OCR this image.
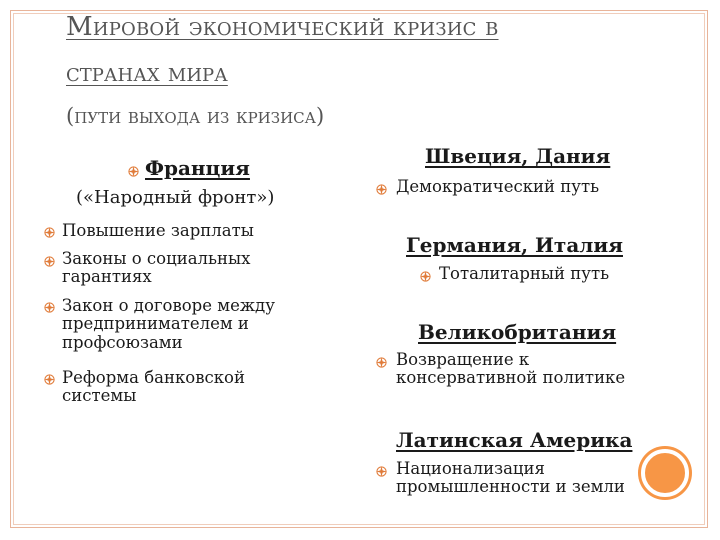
Мировой экономический кризис в
странах мира
(пути выхода из кризиса)
Франция
(«Народный фронт»)
Повышение зарплаты
Законы о социальных
гарантиях
Закон о договоре между
предпринимателем и
профсоюзами
Реформа банковской
системы
Швеция, Дания
Демократический путь
Германия, Италия
Тоталитарный путь
Великобритания
Возвращение к
консервативной политике
Латинская Америка
Национализация
промышленности и земли
